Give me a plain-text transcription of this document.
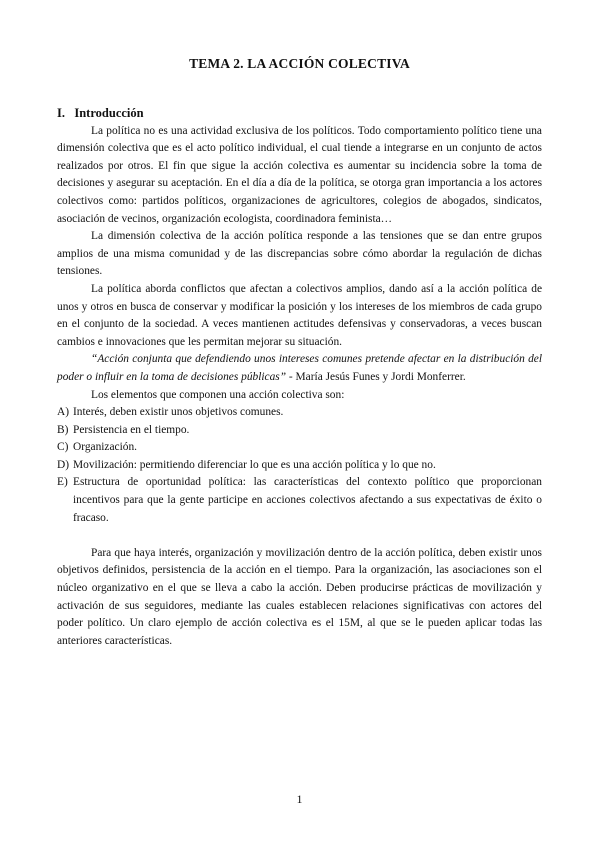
TEMA 2. LA ACCIÓN COLECTIVA
I.   Introducción

La política no es una actividad exclusiva de los políticos. Todo comportamiento político tiene una dimensión colectiva que es el acto político individual, el cual tiende a integrarse en un conjunto de actos realizados por otros. El fin que sigue la acción colectiva es aumentar su incidencia sobre la toma de decisiones y asegurar su aceptación. En el día a día de la política, se otorga gran importancia a los actores colectivos como: partidos políticos, organizaciones de agricultores, colegios de abogados, sindicatos, asociación de vecinos, organización ecologista, coordinadora feminista…

La dimensión colectiva de la acción política responde a las tensiones que se dan entre grupos amplios de una misma comunidad y de las discrepancias sobre cómo abordar la regulación de dichas tensiones.

La política aborda conflictos que afectan a colectivos amplios, dando así a la acción política de unos y otros en busca de conservar y modificar la posición y los intereses de los miembros de cada grupo en el conjunto de la sociedad. A veces mantienen actitudes defensivas y conservadoras, a veces buscan cambios e innovaciones que les permitan mejorar su situación.

“Acción conjunta que defendiendo unos intereses comunes pretende afectar en la distribución del poder o influir en la toma de decisiones públicas” - María Jesús Funes y Jordi Monferrer.

Los elementos que componen una acción colectiva son:

A) Interés, deben existir unos objetivos comunes.
B) Persistencia en el tiempo.
C) Organización.
D) Movilización: permitiendo diferenciar lo que es una acción política y lo que no.
E) Estructura de oportunidad política: las características del contexto político que proporcionan incentivos para que la gente participe en acciones colectivos afectando a sus expectativas de éxito o fracaso.

Para que haya interés, organización y movilización dentro de la acción política, deben existir unos objetivos definidos, persistencia de la acción en el tiempo. Para la organización, las asociaciones son el núcleo organizativo en el que se lleva a cabo la acción. Deben producirse prácticas de movilización y activación de sus seguidores, mediante las cuales establecen relaciones significativas con actores del poder político. Un claro ejemplo de acción colectiva es el 15M, al que se le pueden aplicar todas las anteriores características.

1
